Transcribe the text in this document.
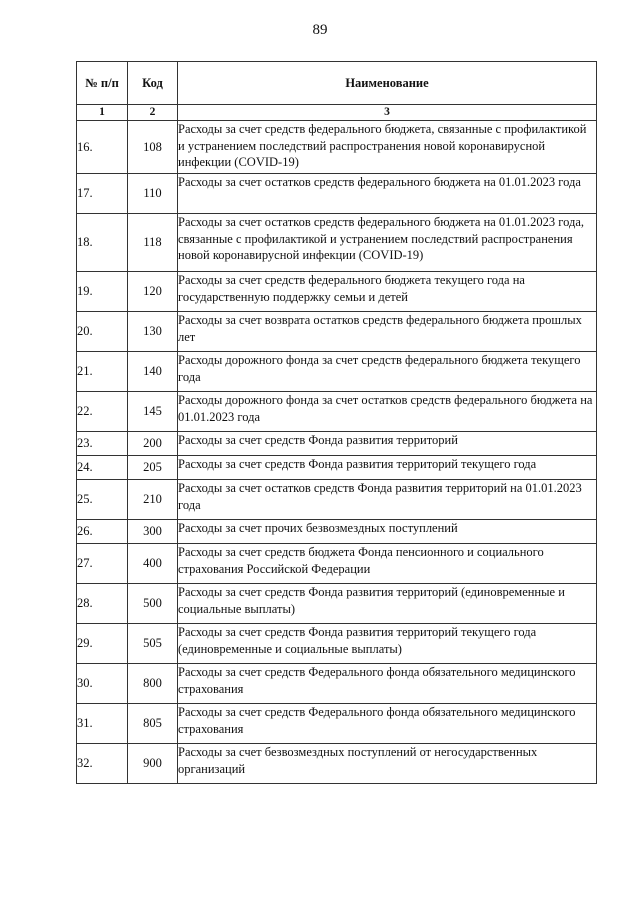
89
№ п/п	Код	Наименование
1	2	3
16.	108	Расходы за счет средств федерального бюджета, связанные с профилактикой и устранением последствий распространения новой коронавирусной инфекции (COVID-19)
17.	110	Расходы за счет остатков средств федерального бюджета на 01.01.2023 года
18.	118	Расходы за счет остатков средств федерального бюджета на 01.01.2023 года, связанные с профилактикой и устранением последствий распространения новой коронавирусной инфекции (COVID-19)
19.	120	Расходы за счет средств федерального бюджета текущего года на государственную поддержку семьи и детей
20.	130	Расходы за счет возврата остатков средств федерального бюджета прошлых лет
21.	140	Расходы дорожного фонда за счет средств федерального бюджета текущего года
22.	145	Расходы дорожного фонда за счет остатков средств федерального бюджета на 01.01.2023 года
23.	200	Расходы за счет средств Фонда развития территорий
24.	205	Расходы за счет средств Фонда развития территорий текущего года
25.	210	Расходы за счет остатков средств Фонда развития территорий на 01.01.2023 года
26.	300	Расходы за счет прочих безвозмездных поступлений
27.	400	Расходы за счет средств бюджета Фонда пенсионного и социального страхования Российской Федерации
28.	500	Расходы за счет средств Фонда развития территорий (единовременные и социальные выплаты)
29.	505	Расходы за счет средств Фонда развития территорий текущего года (единовременные и социальные выплаты)
30.	800	Расходы за счет средств Федерального фонда обязательного медицинского страхования
31.	805	Расходы за счет средств Федерального фонда обязательного медицинского страхования
32.	900	Расходы за счет безвозмездных поступлений от негосударственных организаций
